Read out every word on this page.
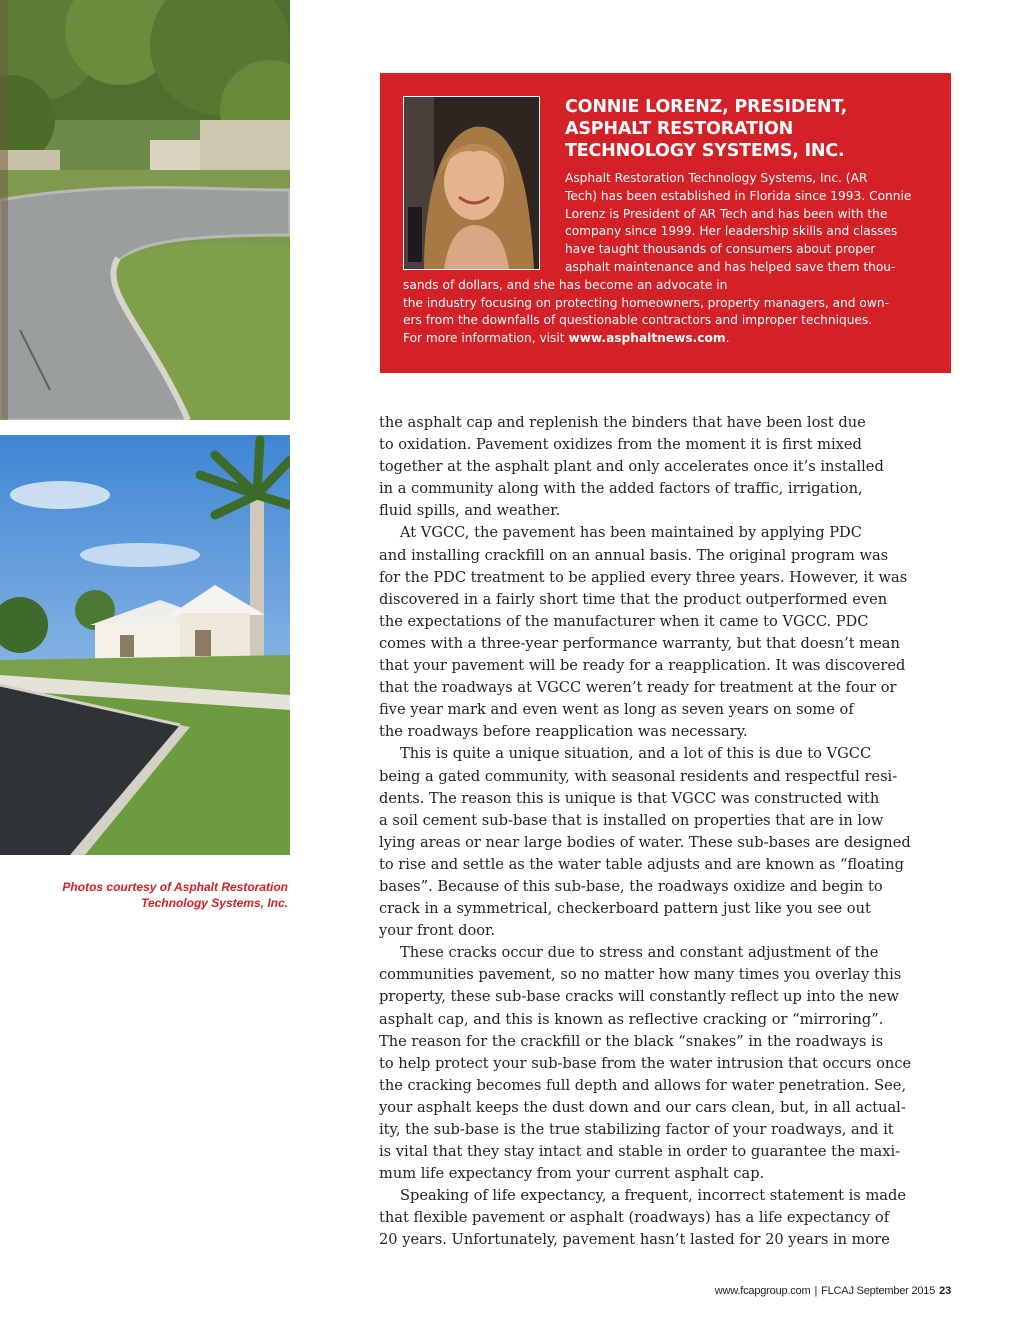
Photos courtesy of Asphalt Restoration
Technology Systems, Inc.
CONNIE LORENZ, PRESIDENT,
ASPHALT RESTORATION
TECHNOLOGY SYSTEMS, INC.
Asphalt Restoration Technology Systems, Inc. (AR
Tech) has been established in Florida since 1993. Connie
Lorenz is President of AR Tech and has been with the
company since 1999. Her leadership skills and classes
have taught thousands of consumers about proper
asphalt maintenance and has helped save them thou-
sands of dollars, and she has become an advocate in
the industry focusing on protecting homeowners, property managers, and own-
ers from the downfalls of questionable contractors and improper techniques.
For more information, visit www.asphaltnews.com.

the asphalt cap and replenish the binders that have been lost due
to oxidation. Pavement oxidizes from the moment it is first mixed
together at the asphalt plant and only accelerates once it’s installed
in a community along with the added factors of traffic, irrigation,
fluid spills, and weather.

At VGCC, the pavement has been maintained by applying PDC
and installing crackfill on an annual basis. The original program was
for the PDC treatment to be applied every three years. However, it was
discovered in a fairly short time that the product outperformed even
the expectations of the manufacturer when it came to VGCC. PDC
comes with a three-year performance warranty, but that doesn’t mean
that your pavement will be ready for a reapplication. It was discovered
that the roadways at VGCC weren’t ready for treatment at the four or
five year mark and even went as long as seven years on some of
the roadways before reapplication was necessary.

This is quite a unique situation, and a lot of this is due to VGCC
being a gated community, with seasonal residents and respectful resi-
dents. The reason this is unique is that VGCC was constructed with
a soil cement sub-base that is installed on properties that are in low
lying areas or near large bodies of water. These sub-bases are designed
to rise and settle as the water table adjusts and are known as “floating
bases”. Because of this sub-base, the roadways oxidize and begin to
crack in a symmetrical, checkerboard pattern just like you see out
your front door.

These cracks occur due to stress and constant adjustment of the
communities pavement, so no matter how many times you overlay this
property, these sub-base cracks will constantly reflect up into the new
asphalt cap, and this is known as reflective cracking or “mirroring”.
The reason for the crackfill or the black “snakes” in the roadways is
to help protect your sub-base from the water intrusion that occurs once
the cracking becomes full depth and allows for water penetration. See,
your asphalt keeps the dust down and our cars clean, but, in all actual-
ity, the sub-base is the true stabilizing factor of your roadways, and it
is vital that they stay intact and stable in order to guarantee the maxi-
mum life expectancy from your current asphalt cap.

Speaking of life expectancy, a frequent, incorrect statement is made
that flexible pavement or asphalt (roadways) has a life expectancy of
20 years. Unfortunately, pavement hasn’t lasted for 20 years in more

www.fcapgroup.com | FLCAJ September 2015 23
